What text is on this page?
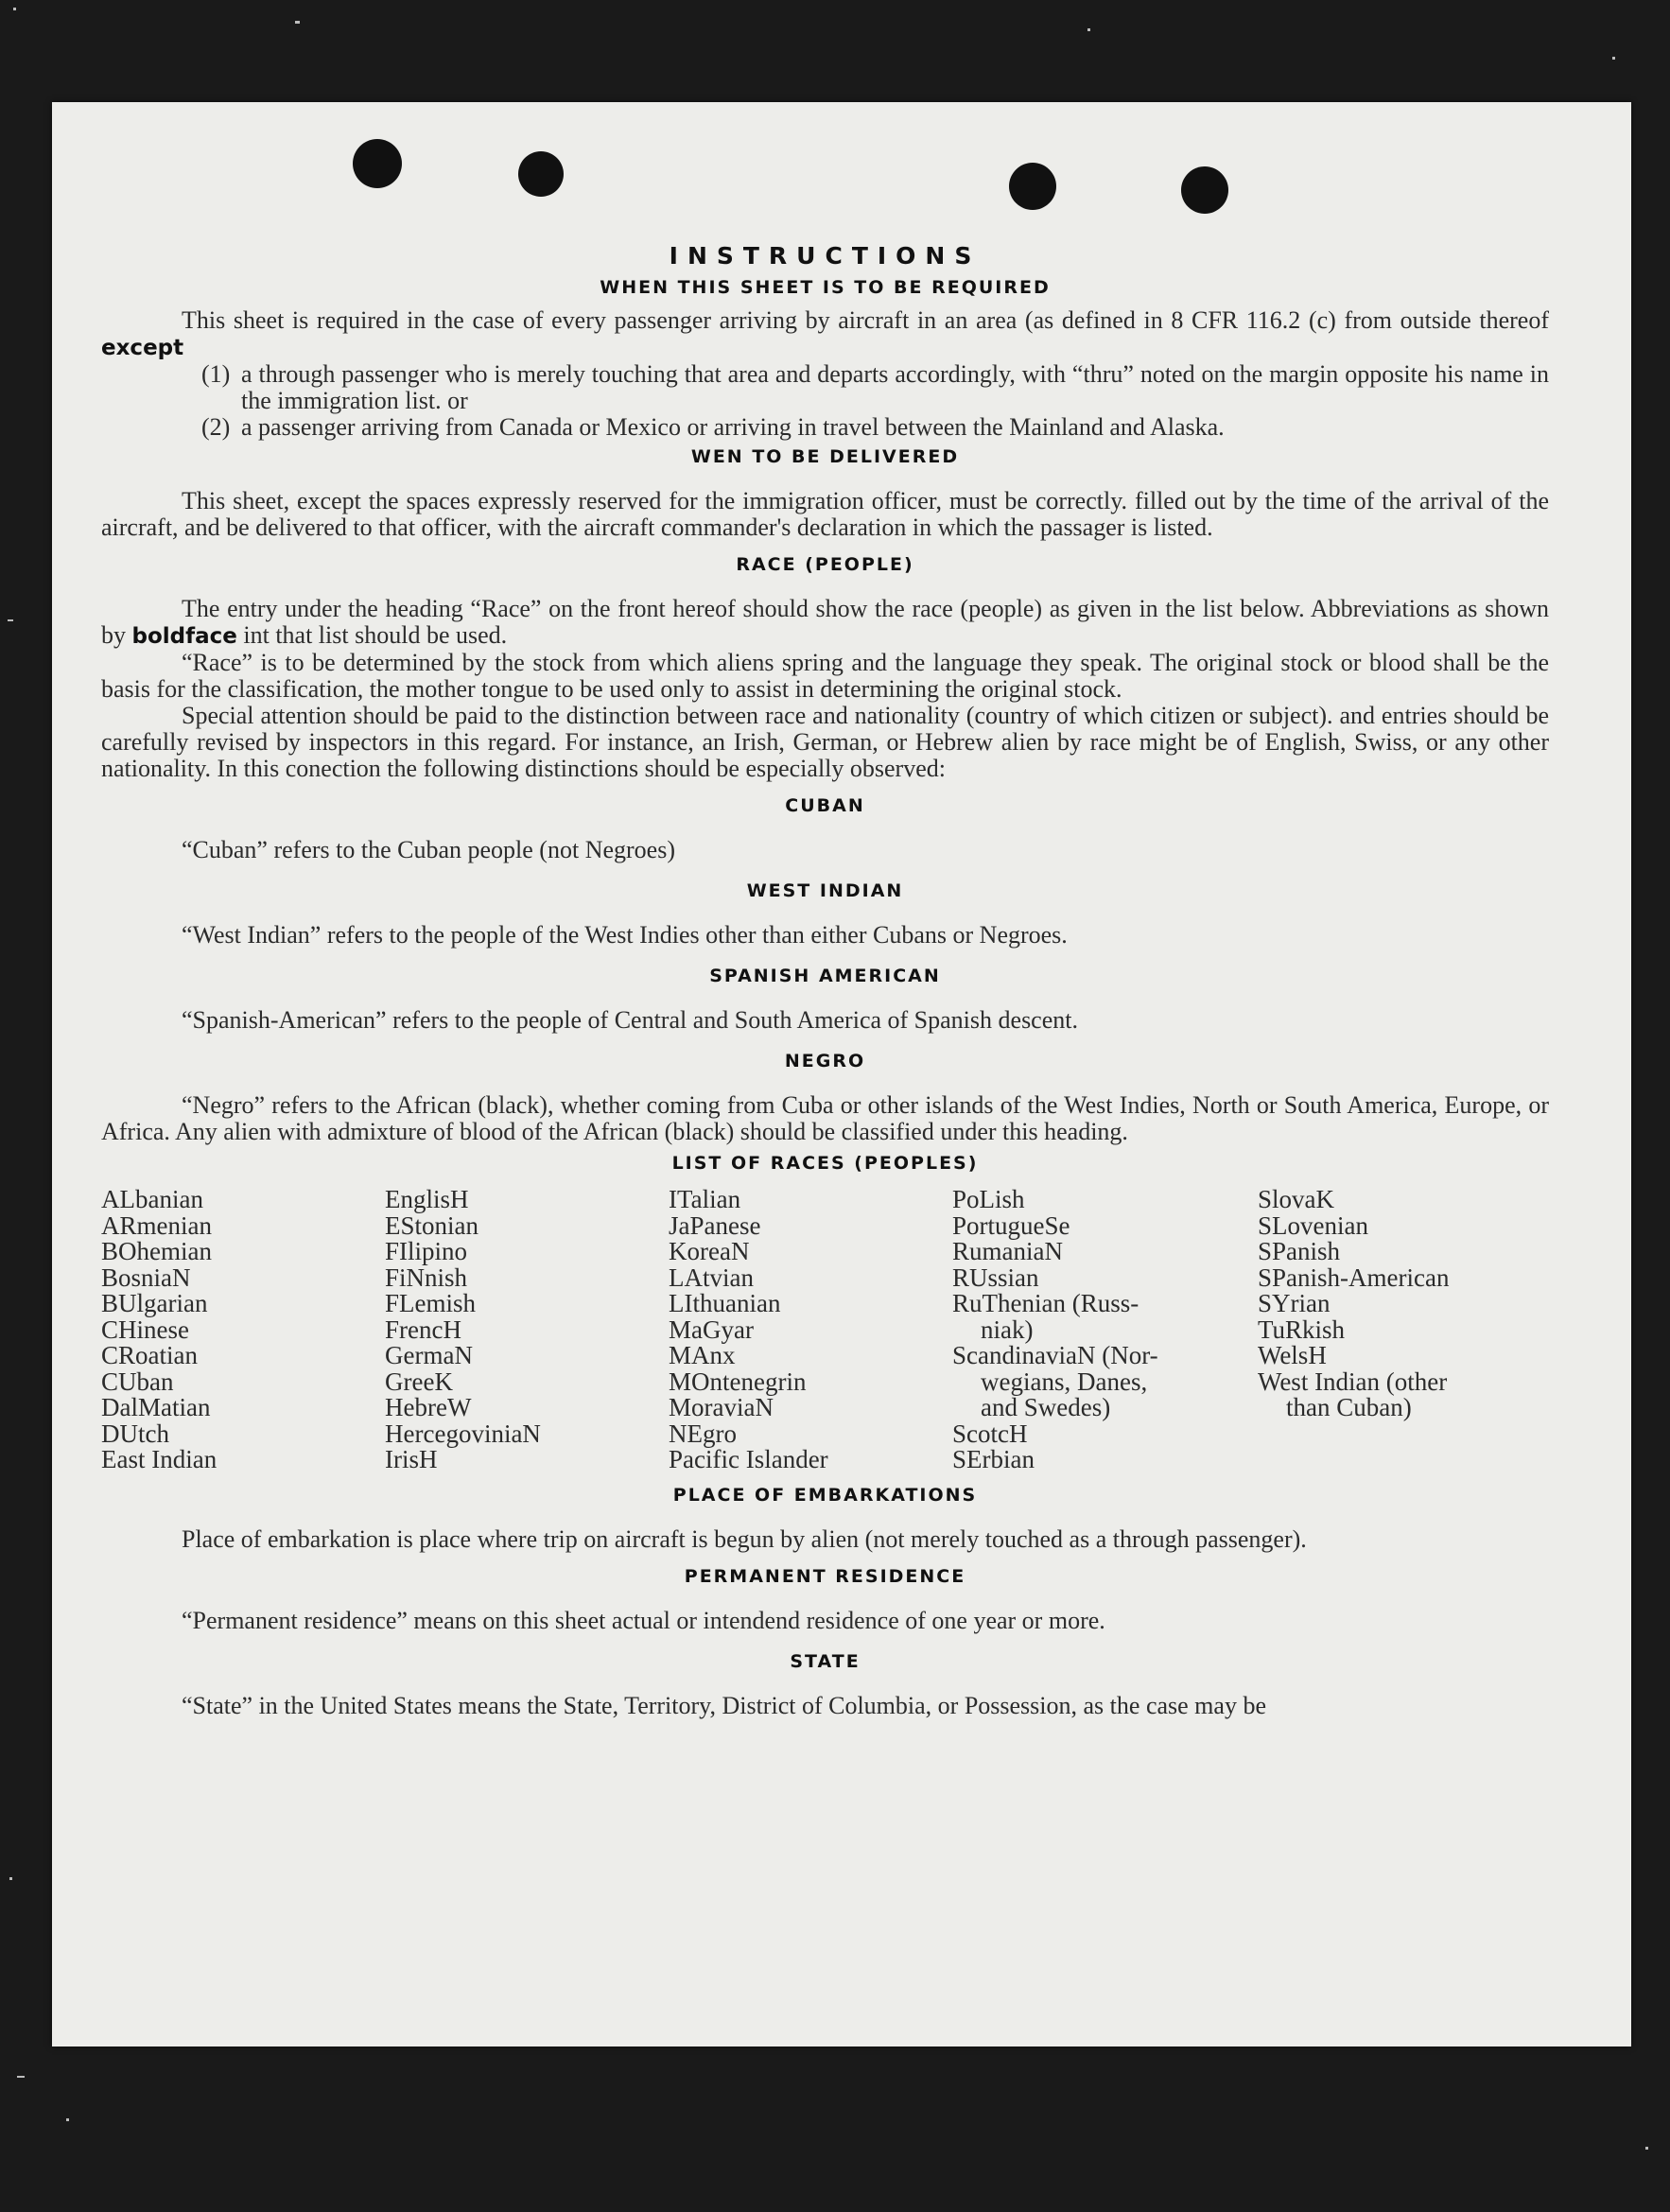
INSTRUCTIONS
WHEN THIS SHEET IS TO BE REQUIRED

This sheet is required in the case of every passenger arriving by aircraft in an area (as defined in 8 CFR 116.2 (c) from outside thereof except

(1) a through passenger who is merely touching that area and departs accordingly, with “thru” noted on the margin opposite his name in the immigration list. or
(2) a passenger arriving from Canada or Mexico or arriving in travel between the Mainland and Alaska.
WEN TO BE DELIVERED

This sheet, except the spaces expressly reserved for the immigration officer, must be correctly. filled out by the time of the arrival of the aircraft, and be delivered to that officer, with the aircraft commander's declaration in which the passager is listed.

RACE (PEOPLE)

The entry under the heading “Race” on the front hereof should show the race (people) as given in the list below. Abbreviations as shown by boldface int that list should be used.

“Race” is to be determined by the stock from which aliens spring and the language they speak. The original stock or blood shall be the basis for the classification, the mother tongue to be used only to assist in determining the original stock.

Special attention should be paid to the distinction between race and nationality (country of which citizen or subject). and entries should be carefully revised by inspectors in this regard. For instance, an Irish, German, or Hebrew alien by race might be of English, Swiss, or any other nationality. In this conection the following distinctions should be especially observed:

CUBAN

“Cuban” refers to the Cuban people (not Negroes)

WEST INDIAN

“West Indian” refers to the people of the West Indies other than either Cubans or Negroes.

SPANISH AMERICAN

“Spanish-American” refers to the people of Central and South America of Spanish descent.

NEGRO

“Negro” refers to the African (black), whether coming from Cuba or other islands of the West Indies, North or South America, Europe, or Africa. Any alien with admixture of blood of the African (black) should be classified under this heading.

LIST OF RACES (PEOPLES)
ALbanian
ARmenian
BOhemian
BosniaN
BUlgarian
CHinese
CRoatian
CUban
DalMatian
DUtch
East Indian
EnglisH
EStonian
FIlipino
FiNnish
FLemish
FrencH
GermaN
GreeK
HebreW
HercegoviniaN
IrisH
ITalian
JaPanese
KoreaN
LAtvian
LIthuanian
MaGyar
MAnx
MOntenegrin
MoraviaN
NEgro
Pacific Islander
PoLish
PortugueSe
RumaniaN
RUssian
RuThenian (Russ-
niak)
ScandinaviaN (Nor-
wegians, Danes,
and Swedes)
ScotcH
SErbian
SlovaK
SLovenian
SPanish
SPanish-American
SYrian
TuRkish
WelsH
West Indian (other
than Cuban)
PLACE OF EMBARKATIONS

Place of embarkation is place where trip on aircraft is begun by alien (not merely touched as a through passenger).

PERMANENT RESIDENCE

“Permanent residence” means on this sheet actual or intendend residence of one year or more.

STATE

“State” in the United States means the State, Territory, District of Columbia, or Possession, as the case may be
